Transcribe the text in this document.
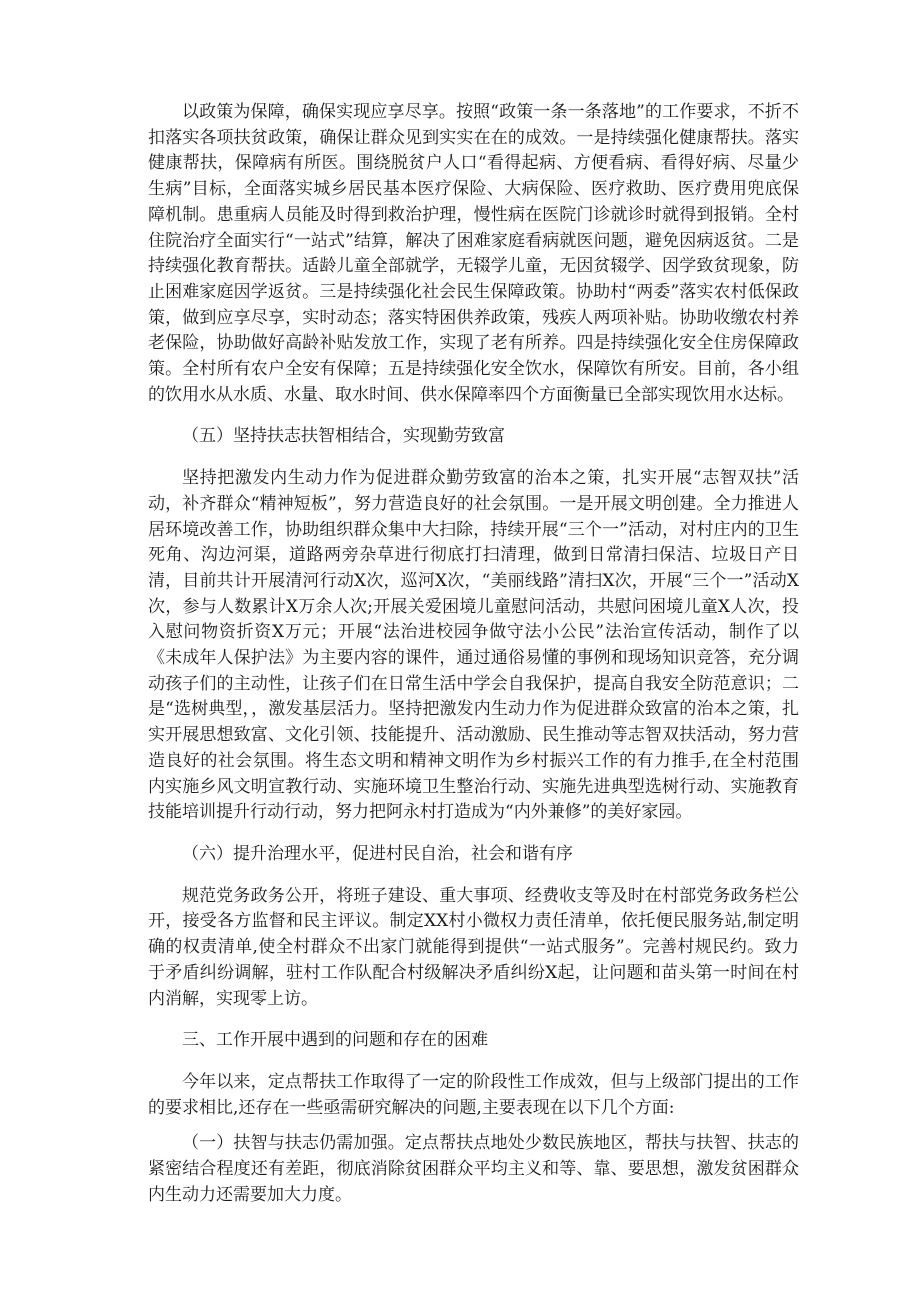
以政策为保障，确保实现应享尽享。按照“政策一条一条落地”的工作要求，不折不扣落实各项扶贫政策，确保让群众见到实实在在的成效。一是持续强化健康帮扶。落实健康帮扶，保障病有所医。围绕脱贫户人口“看得起病、方便看病、看得好病、尽量少生病”目标，全面落实城乡居民基本医疗保险、大病保险、医疗救助、医疗费用兜底保障机制。患重病人员能及时得到救治护理，慢性病在医院门诊就诊时就得到报销。全村住院治疗全面实行“一站式”结算，解决了困难家庭看病就医问题，避免因病返贫。二是持续强化教育帮扶。适龄儿童全部就学，无辍学儿童，无因贫辍学、因学致贫现象，防止困难家庭因学返贫。三是持续强化社会民生保障政策。协助村“两委”落实农村低保政策，做到应享尽享，实时动态；落实特困供养政策，残疾人两项补贴。协助收缴农村养老保险，协助做好高龄补贴发放工作，实现了老有所养。四是持续强化安全住房保障政策。全村所有农户全安有保障；五是持续强化安全饮水，保障饮有所安。目前，各小组的饮用水从水质、水量、取水时间、供水保障率四个方面衡量已全部实现饮用水达标。

（五）坚持扶志扶智相结合，实现勤劳致富

坚持把激发内生动力作为促进群众勤劳致富的治本之策，扎实开展“志智双扶”活动，补齐群众“精神短板”，努力营造良好的社会氛围。一是开展文明创建。全力推进人居环境改善工作，协助组织群众集中大扫除，持续开展“三个一”活动，对村庄内的卫生死角、沟边河渠，道路两旁杂草进行彻底打扫清理，做到日常清扫保洁、垃圾日产日清，目前共计开展清河行动X次，巡河X次，“美丽线路”清扫X次，开展“三个一”活动X次，参与人数累计X万余人次;开展关爱困境儿童慰问活动，共慰问困境儿童X人次，投入慰问物资折资X万元；开展“法治进校园争做守法小公民”法治宣传活动，制作了以《未成年人保护法》为主要内容的课件，通过通俗易懂的事例和现场知识竞答，充分调动孩子们的主动性，让孩子们在日常生活中学会自我保护，提高自我安全防范意识；二是“选树典型，，激发基层活力。坚持把激发内生动力作为促进群众致富的治本之策，扎实开展思想致富、文化引领、技能提升、活动激励、民生推动等志智双扶活动，努力营造良好的社会氛围。将生态文明和精神文明作为乡村振兴工作的有力推手,在全村范围内实施乡风文明宣教行动、实施环境卫生整治行动、实施先进典型选树行动、实施教育技能培训提升行动行动，努力把阿永村打造成为“内外兼修”的美好家园。

（六）提升治理水平，促进村民自治，社会和谐有序

规范党务政务公开，将班子建设、重大事项、经费收支等及时在村部党务政务栏公开，接受各方监督和民主评议。制定XX村小微权力责任清单，依托便民服务站,制定明确的权责清单,使全村群众不出家门就能得到提供“一站式服务”。完善村规民约。致力于矛盾纠纷调解，驻村工作队配合村级解决矛盾纠纷X起，让问题和苗头第一时间在村内消解，实现零上访。

三、工作开展中遇到的问题和存在的困难

今年以来，定点帮扶工作取得了一定的阶段性工作成效，但与上级部门提出的工作的要求相比,还存在一些亟需研究解决的问题,主要表现在以下几个方面:

（一）扶智与扶志仍需加强。定点帮扶点地处少数民族地区，帮扶与扶智、扶志的紧密结合程度还有差距，彻底消除贫困群众平均主义和等、靠、要思想，激发贫困群众内生动力还需要加大力度。
